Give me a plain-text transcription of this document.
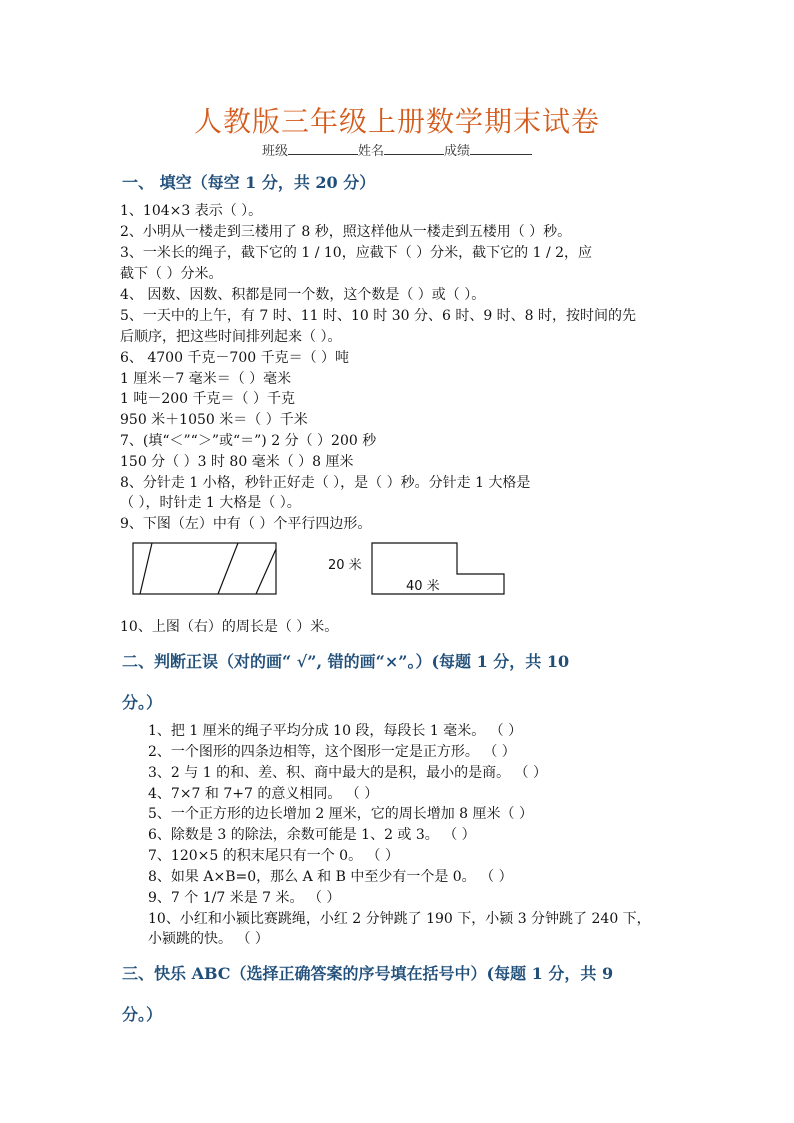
人教版三年级上册数学期末试卷
班级	姓名	成绩
一、 填空（每空 1 分，共 20 分）
1、104×3 表示（ ）。
2、小明从一楼走到三楼用了 8 秒，照这样他从一楼走到五楼用（ ）秒。
3、一米长的绳子，截下它的 1 / 10，应截下（ ）分米，截下它的 1 / 2，应
截下（ ）分米。
4、 因数、因数、积都是同一个数，这个数是（ ）或（ ）。
5、一天中的上午，有 7 时、11 时、10 时 30 分、6 时、9 时、8 时，按时间的先
后顺序，把这些时间排列起来（ ）。
6、 4700 千克－700 千克＝（ ）吨
1 厘米－7 毫米＝（ ）毫米
1 吨－200 千克＝（ ）千克
950 米＋1050 米＝（ ）千米
7、(填“＜”“＞”或“＝”) 2 分（ ）200 秒
150 分（ ）3 时 80 毫米（ ）8 厘米
8、分针走 1 小格，秒针正好走（ ），是（ ）秒。分针走 1 大格是
（ ），时针走 1 大格是（ ）。
9、下图（左）中有（ ）个平行四边形。
20 米
40 米
10、上图（右）的周长是（ ）米。
二、判断正误（对的画“ √”, 错的画“×”。）(每题 1 分，共 10
分。）
1、把 1 厘米的绳子平均分成 10 段，每段长 1 毫米。 （ ）
2、一个图形的四条边相等，这个图形一定是正方形。 （ ）
3、2 与 1 的和、差、积、商中最大的是积，最小的是商。 （ ）
4、7×7 和 7+7 的意义相同。 （ ）
5、一个正方形的边长增加 2 厘米，它的周长增加 8 厘米（ ）
6、除数是 3 的除法，余数可能是 1、2 或 3。 （ ）
7、120×5 的积末尾只有一个 0。 （ ）
8、如果 A×B=0，那么 A 和 B 中至少有一个是 0。 （ ）
9、7 个 1/7 米是 7 米。 （ ）
10、小红和小颍比赛跳绳，小红 2 分钟跳了 190 下，小颍 3 分钟跳了 240 下，
小颍跳的快。 （ ）
三、快乐 ABC（选择正确答案的序号填在括号中）(每题 1 分，共 9
分。）
